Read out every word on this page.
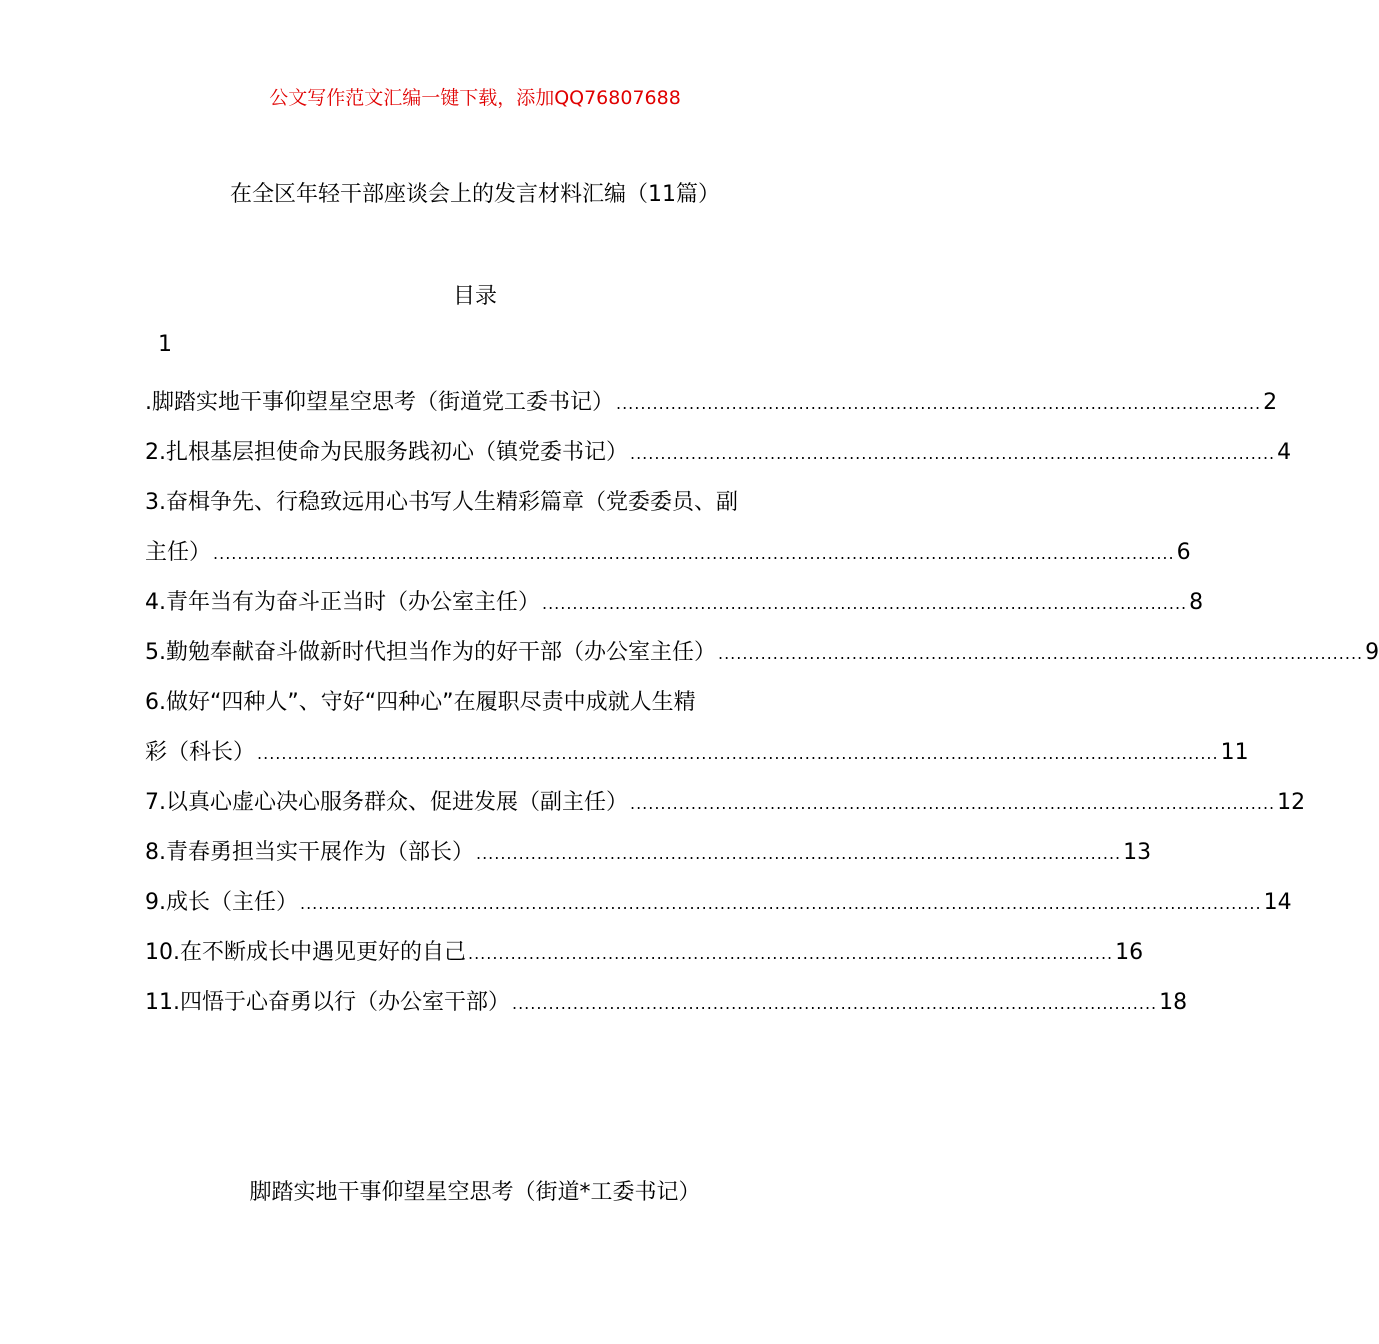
公文写作范文汇编一键下载，添加QQ76807688
在全区年轻干部座谈会上的发言材料汇编（11篇）
目录
1
.脚踏实地干事仰望星空思考（街道党工委书记） .......................................................................................................... 2
2.扎根基层担使命为民服务践初心（镇党委书记） .......................................................................................................... 4
3.奋楫争先、行稳致远用心书写人生精彩篇章（党委委员、副
主任） .............................................................................................................................................................. 6
4.青年当有为奋斗正当时（办公室主任） .......................................................................................................... 8
5.勤勉奉献奋斗做新时代担当作为的好干部（办公室主任） .......................................................................................................... 9
6.做好“四种人”、守好“四种心”在履职尽责中成就人生精
彩（科长） .............................................................................................................................................................. 11
7.以真心虚心决心服务群众、促进发展（副主任） .......................................................................................................... 12
8.青春勇担当实干展作为（部长） .......................................................................................................... 13
9.成长（主任） .............................................................................................................................................................. 14
10.在不断成长中遇见更好的自己 .......................................................................................................... 16
11.四悟于心奋勇以行（办公室干部） .......................................................................................................... 18
脚踏实地干事仰望星空思考（街道*工委书记）
